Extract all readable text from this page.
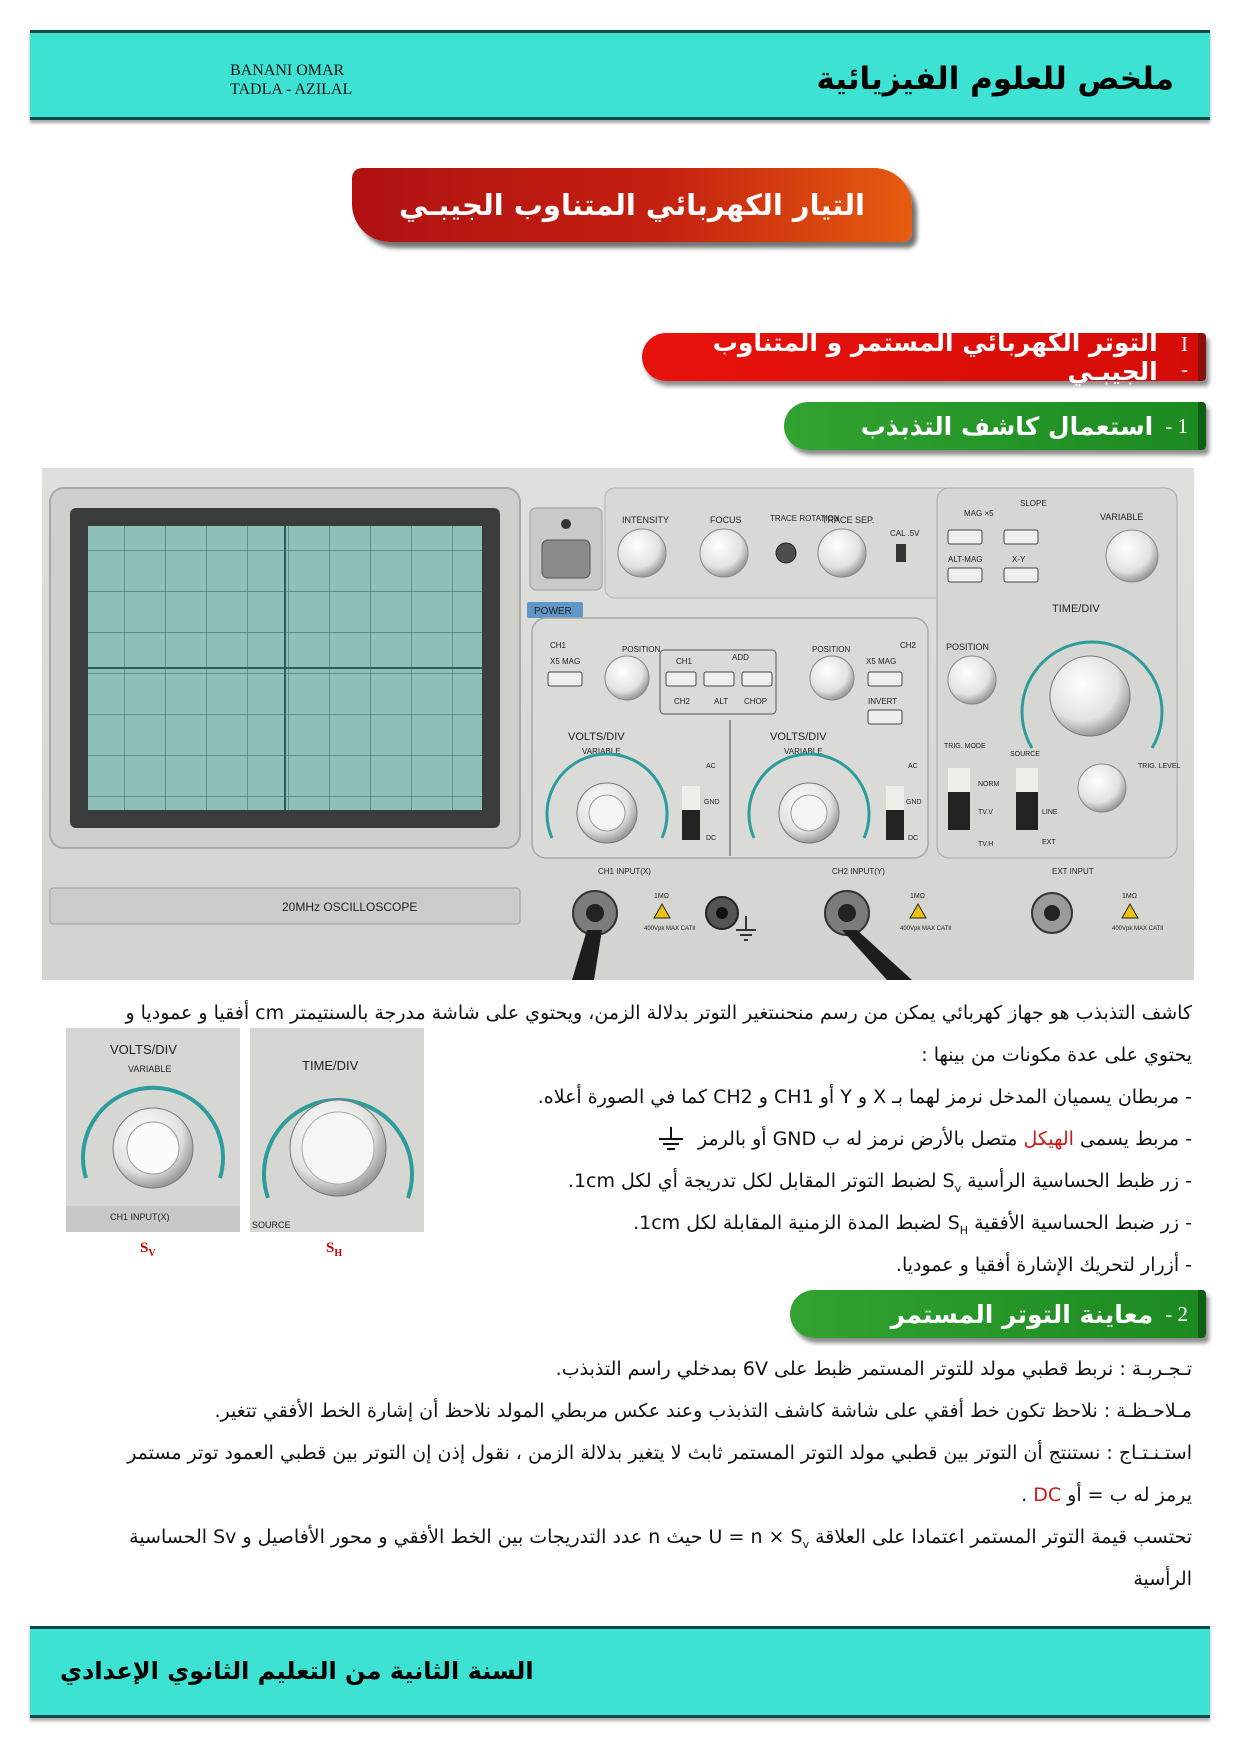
BANANI OMAR
TADLA - AZILAL	ملخص للعلوم الفيزيائية
التيار الكهربائي المتناوب الجيبـي
I -
التوتر الكهربائي المستمر و المتناوب الجيبـي
1 -
استعمال كاشف التذبذب
POWER
INTENSITY	FOCUS	TRACE ROTATION
TRACE SEP.
CAL .5V
CH1
X5 MAG
POSITION
CH1	ADD
CH2	ALT CHOP
POSITION	CH2
X5 MAG
INVERT
VOLTS/DIV
VARIABLE
AC
GND
DC
VOLTS/DIV
VARIABLE
AC
GND
DC
CH1 INPUT(X)	CH2 INPUT(Y)
MAG ×5
SLOPE
ALT-MAG	X-Y
VARIABLE
TIME/DIV
POSITION
TRIG. MODE
NORM
TV.V
TV.H
SOURCE
LINE
EXT
TRIG. LEVEL
EXT INPUT
20MHz OSCILLOSCOPE
1MΩ
400Vpk MAX CATII
1MΩ
400Vpk MAX CATII
1MΩ
400Vpk MAX CATII
VOLTS/DIV
VARIABLE
CH1 INPUT(X)
TIME/DIV
SOURCE
$S_V$	$S_H$
كاشف التذبذب هو جهاز كهربائي يمكن من رسم منحنىتغير التوتر بدلالة الزمن، ويحتوي على شاشة مدرجة بالسنتيمتر cm أفقيا و عموديا و
يحتوي على عدة مكونات من بينها :
- مربطان يسميان المدخل نرمز لهما بـ X و Y أو CH1 و CH2 كما في الصورة أعلاه.
- مربط يسمى الهيكل متصل بالأرض نرمز له ب GND أو بالرمز
- زر ظبط الحساسية الرأسية $S_v$ لضبط التوتر المقابل لكل تدريجة أي لكل 1cm.
- زر ضبط الحساسية الأفقية $S_H$ لضبط المدة الزمنية المقابلة لكل 1cm.
- أزرار لتحريك الإشارة أفقيا و عموديا.
2 -
معاينة التوتر المستمر
تـجـربـة : نربط قطبي مولد للتوتر المستمر ظبط على 6V بمدخلي راسم التذبذب.
مـلاحـظـة : نلاحظ تكون خط أفقي على شاشة كاشف التذبذب وعند عكس مربطي المولد نلاحظ أن إشارة الخط الأفقي تتغير.
استـنـتـاج : نستنتج أن التوتر بين قطبي مولد التوتر المستمر ثابث لا يتغير بدلالة الزمن ، نقول إذن إن التوتر بين قطبي العمود توتر مستمر
يرمز له ب = أو DC .
تحتسب قيمة التوتر المستمر اعتمادا على العلاقة $U = n \times S_v$ حيث n عدد التدريجات بين الخط الأفقي و محور الأفاصيل و Sv الحساسية
الرأسية
السنة الثانية من التعليم الثانوي الإعدادي
